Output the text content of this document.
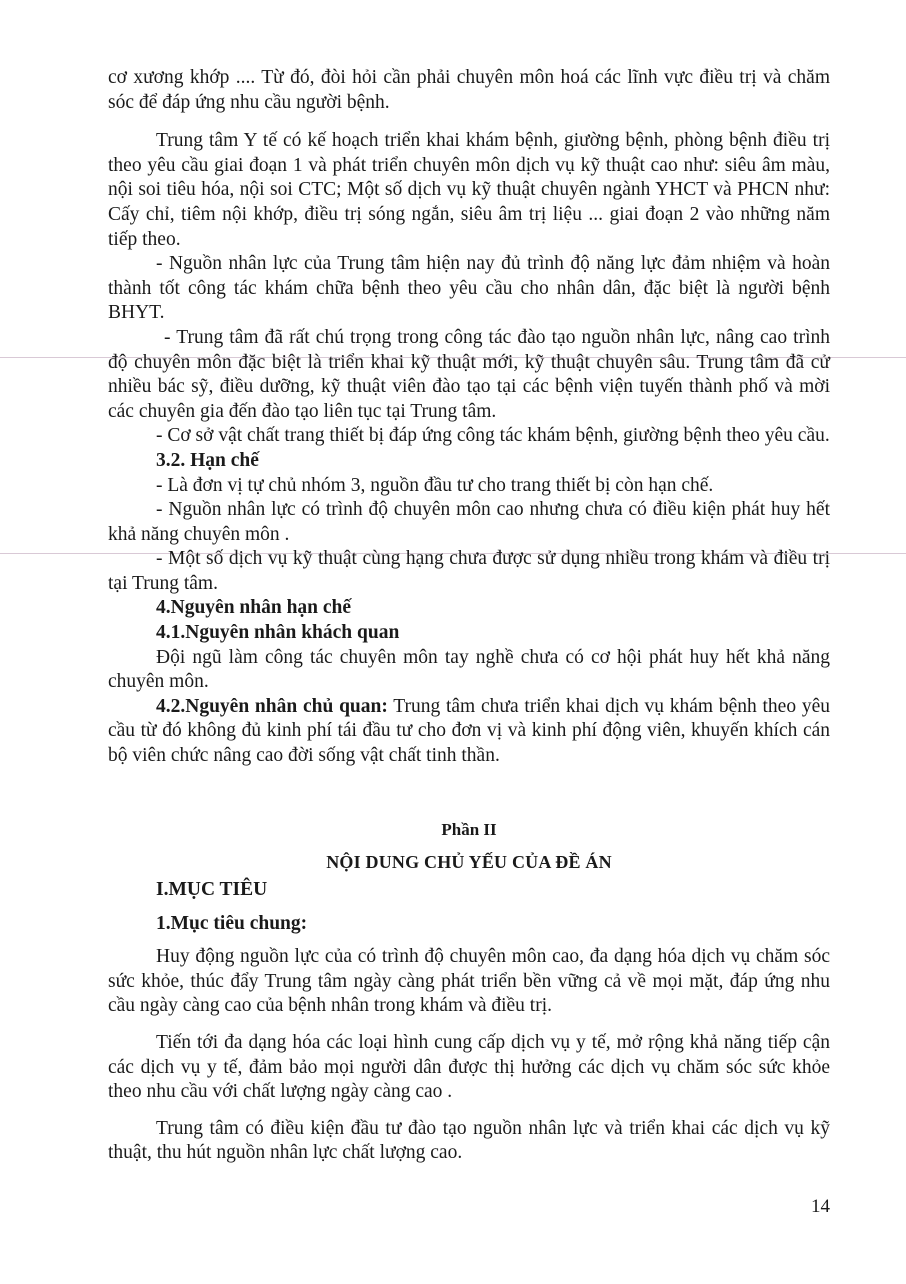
cơ xương khớp .... Từ đó, đòi hỏi cần phải chuyên môn hoá các lĩnh vực điều trị và chăm sóc để đáp ứng nhu cầu người bệnh.

Trung tâm Y tế có kế hoạch triển khai khám bệnh, giường bệnh, phòng bệnh điều trị theo yêu cầu giai đoạn 1 và phát triển chuyên môn dịch vụ kỹ thuật cao như: siêu âm màu, nội soi tiêu hóa, nội soi CTC; Một số dịch vụ kỹ thuật chuyên ngành YHCT và PHCN như: Cấy chỉ, tiêm nội khớp, điều trị sóng ngắn, siêu âm trị liệu ... giai đoạn 2 vào những năm tiếp theo.

- Nguồn nhân lực của Trung tâm hiện nay đủ trình độ năng lực đảm nhiệm và hoàn thành tốt công tác khám chữa bệnh theo yêu cầu cho nhân dân, đặc biệt là người bệnh BHYT.

- Trung tâm đã rất chú trọng trong công tác đào tạo nguồn nhân lực, nâng cao trình độ chuyên môn đặc biệt là triển khai kỹ thuật mới, kỹ thuật chuyên sâu. Trung tâm đã cử nhiều bác sỹ, điều dưỡng, kỹ thuật viên đào tạo tại các bệnh viện tuyến thành phố và mời các chuyên gia đến đào tạo liên tục tại Trung tâm.

- Cơ sở vật chất trang thiết bị đáp ứng công tác khám bệnh, giường bệnh theo yêu cầu.

3.2. Hạn chế

- Là đơn vị tự chủ nhóm 3, nguồn đầu tư cho trang thiết bị còn hạn chế.

- Nguồn nhân lực có trình độ chuyên môn cao nhưng chưa có điều kiện phát huy hết khả năng chuyên môn .

- Một số dịch vụ kỹ thuật cùng hạng chưa được sử dụng nhiều trong khám và điều trị tại Trung tâm.

4.Nguyên nhân hạn chế

4.1.Nguyên nhân khách quan

Đội ngũ làm công tác chuyên môn tay nghề chưa có cơ hội phát huy hết khả năng chuyên môn.

4.2.Nguyên nhân chủ quan: Trung tâm chưa triển khai dịch vụ khám bệnh theo yêu cầu từ đó không đủ kinh phí tái đầu tư cho đơn vị và kinh phí động viên, khuyến khích cán bộ viên chức nâng cao đời sống vật chất tinh thần.

Phần II
NỘI DUNG CHỦ YẾU CỦA ĐỀ ÁN

I.MỤC TIÊU

1.Mục tiêu chung:

Huy động nguồn lực của có trình độ chuyên môn cao, đa dạng hóa dịch vụ chăm sóc sức khỏe, thúc đẩy Trung tâm ngày càng phát triển bền vững cả về mọi mặt, đáp ứng nhu cầu ngày càng cao của bệnh nhân trong khám và điều trị.

Tiến tới đa dạng hóa các loại hình cung cấp dịch vụ y tế, mở rộng khả năng tiếp cận các dịch vụ y tế, đảm bảo mọi người dân được thị hưởng các dịch vụ chăm sóc sức khỏe theo nhu cầu với chất lượng ngày càng cao .

Trung tâm có điều kiện đầu tư đào tạo nguồn nhân lực và triển khai các dịch vụ kỹ thuật, thu hút nguồn nhân lực chất lượng cao.

14
